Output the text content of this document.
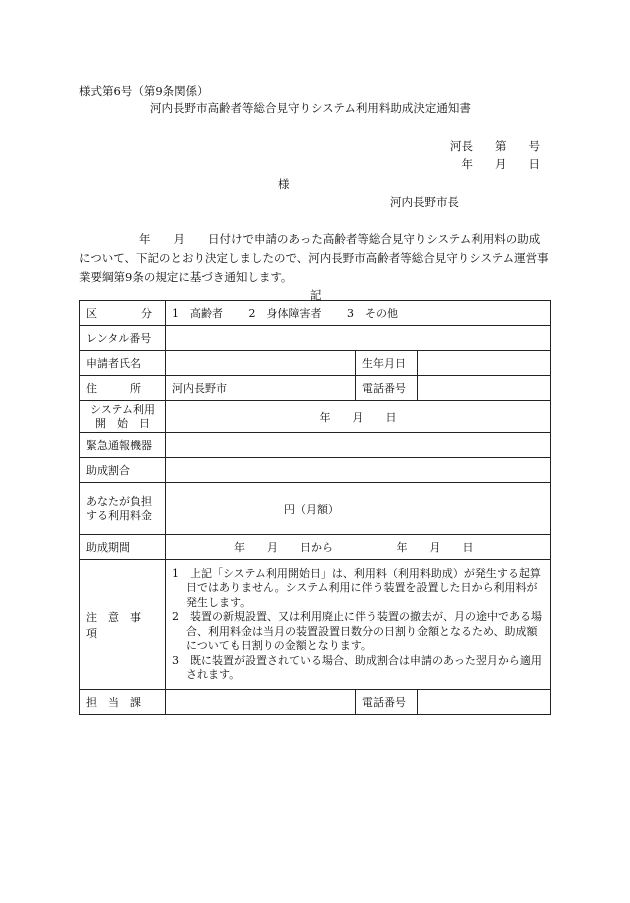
様式第6号（第9条関係）
河内長野市高齢者等総合見守りシステム利用料助成決定通知書
河長 第 号
年 月 日
様
河内長野市長
年　　月　　日付けで申請のあった高齢者等総合見守りシステム利用料の助成
について、下記のとおり決定しましたので、河内長野市高齢者等総合見守りシステム運営事業要綱第9条の規定に基づき通知します。
記
区　　　　分	1　高齢者 2　身体障害者 3　その他		
レンタル番号			
申請者氏名		生年月日	
住　　　所	河内長野市	電話番号	

システム利用
開　始　日	年　　月　　日		
緊急通報機器			
助成割合			

あなたが負担
する利用料金	円（月額）		
助成期間	年　　月　　日から 年　　月　　日		
注　意　事　項	1　上記「システム利用開始日」は、利用料（利用料助成）が発生する起算日ではありません。システム利用に伴う装置を設置した日から利用料が発生します。
2　装置の新規設置、又は利用廃止に伴う装置の撤去が、月の途中である場合、利用料金は当月の装置設置日数分の日割り金額となるため、助成額についても日割りの金額となります。
3　既に装置が設置されている場合、助成割合は申請のあった翌月から適用されます。		

担　当　課		電話番号	
